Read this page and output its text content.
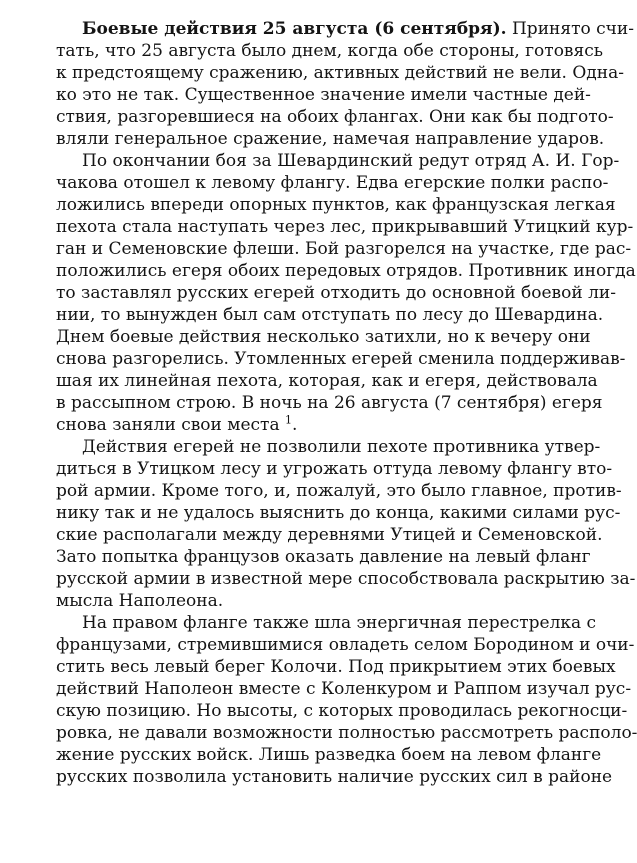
Боевые действия 25 августа (6 сентября). Принято счи-
тать, что 25 августа было днем, когда обе стороны, готовясь
к предстоящему сражению, активных действий не вели. Одна-
ко это не так. Существенное значение имели частные дей-
ствия, разгоревшиеся на обоих флангах. Они как бы подгото-
вляли генеральное сражение, намечая направление ударов.
По окончании боя за Шевардинский редут отряд А. И. Гор-
чакова отошел к левому флангу. Едва егерские полки распо-
ложились впереди опорных пунктов, как французская легкая
пехота стала наступать через лес, прикрывавший Утицкий кур-
ган и Семеновские флеши. Бой разгорелся на участке, где рас-
положились егеря обоих передовых отрядов. Противник иногда
то заставлял русских егерей отходить до основной боевой ли-
нии, то вынужден был сам отступать по лесу до Шевардина.
Днем боевые действия несколько затихли, но к вечеру они
снова разгорелись. Утомленных егерей сменила поддерживав-
шая их линейная пехота, которая, как и егеря, действовала
в рассыпном строю. В ночь на 26 августа (7 сентября) егеря
снова заняли свои места $^1$.
Действия егерей не позволили пехоте противника утвер-
диться в Утицком лесу и угрожать оттуда левому флангу вто-
рой армии. Кроме того, и, пожалуй, это было главное, против-
нику так и не удалось выяснить до конца, какими силами рус-
ские располагали между деревнями Утицей и Семеновской.
Зато попытка французов оказать давление на левый фланг
русской армии в известной мере способствовала раскрытию за-
мысла Наполеона.
На правом фланге также шла энергичная перестрелка с
французами, стремившимися овладеть селом Бородином и очи-
стить весь левый берег Колочи. Под прикрытием этих боевых
действий Наполеон вместе с Коленкуром и Раппом изучал рус-
скую позицию. Но высоты, с которых проводилась рекогносци-
ровка, не давали возможности полностью рассмотреть располо-
жение русских войск. Лишь разведка боем на левом фланге
русских позволила установить наличие русских сил в районе
